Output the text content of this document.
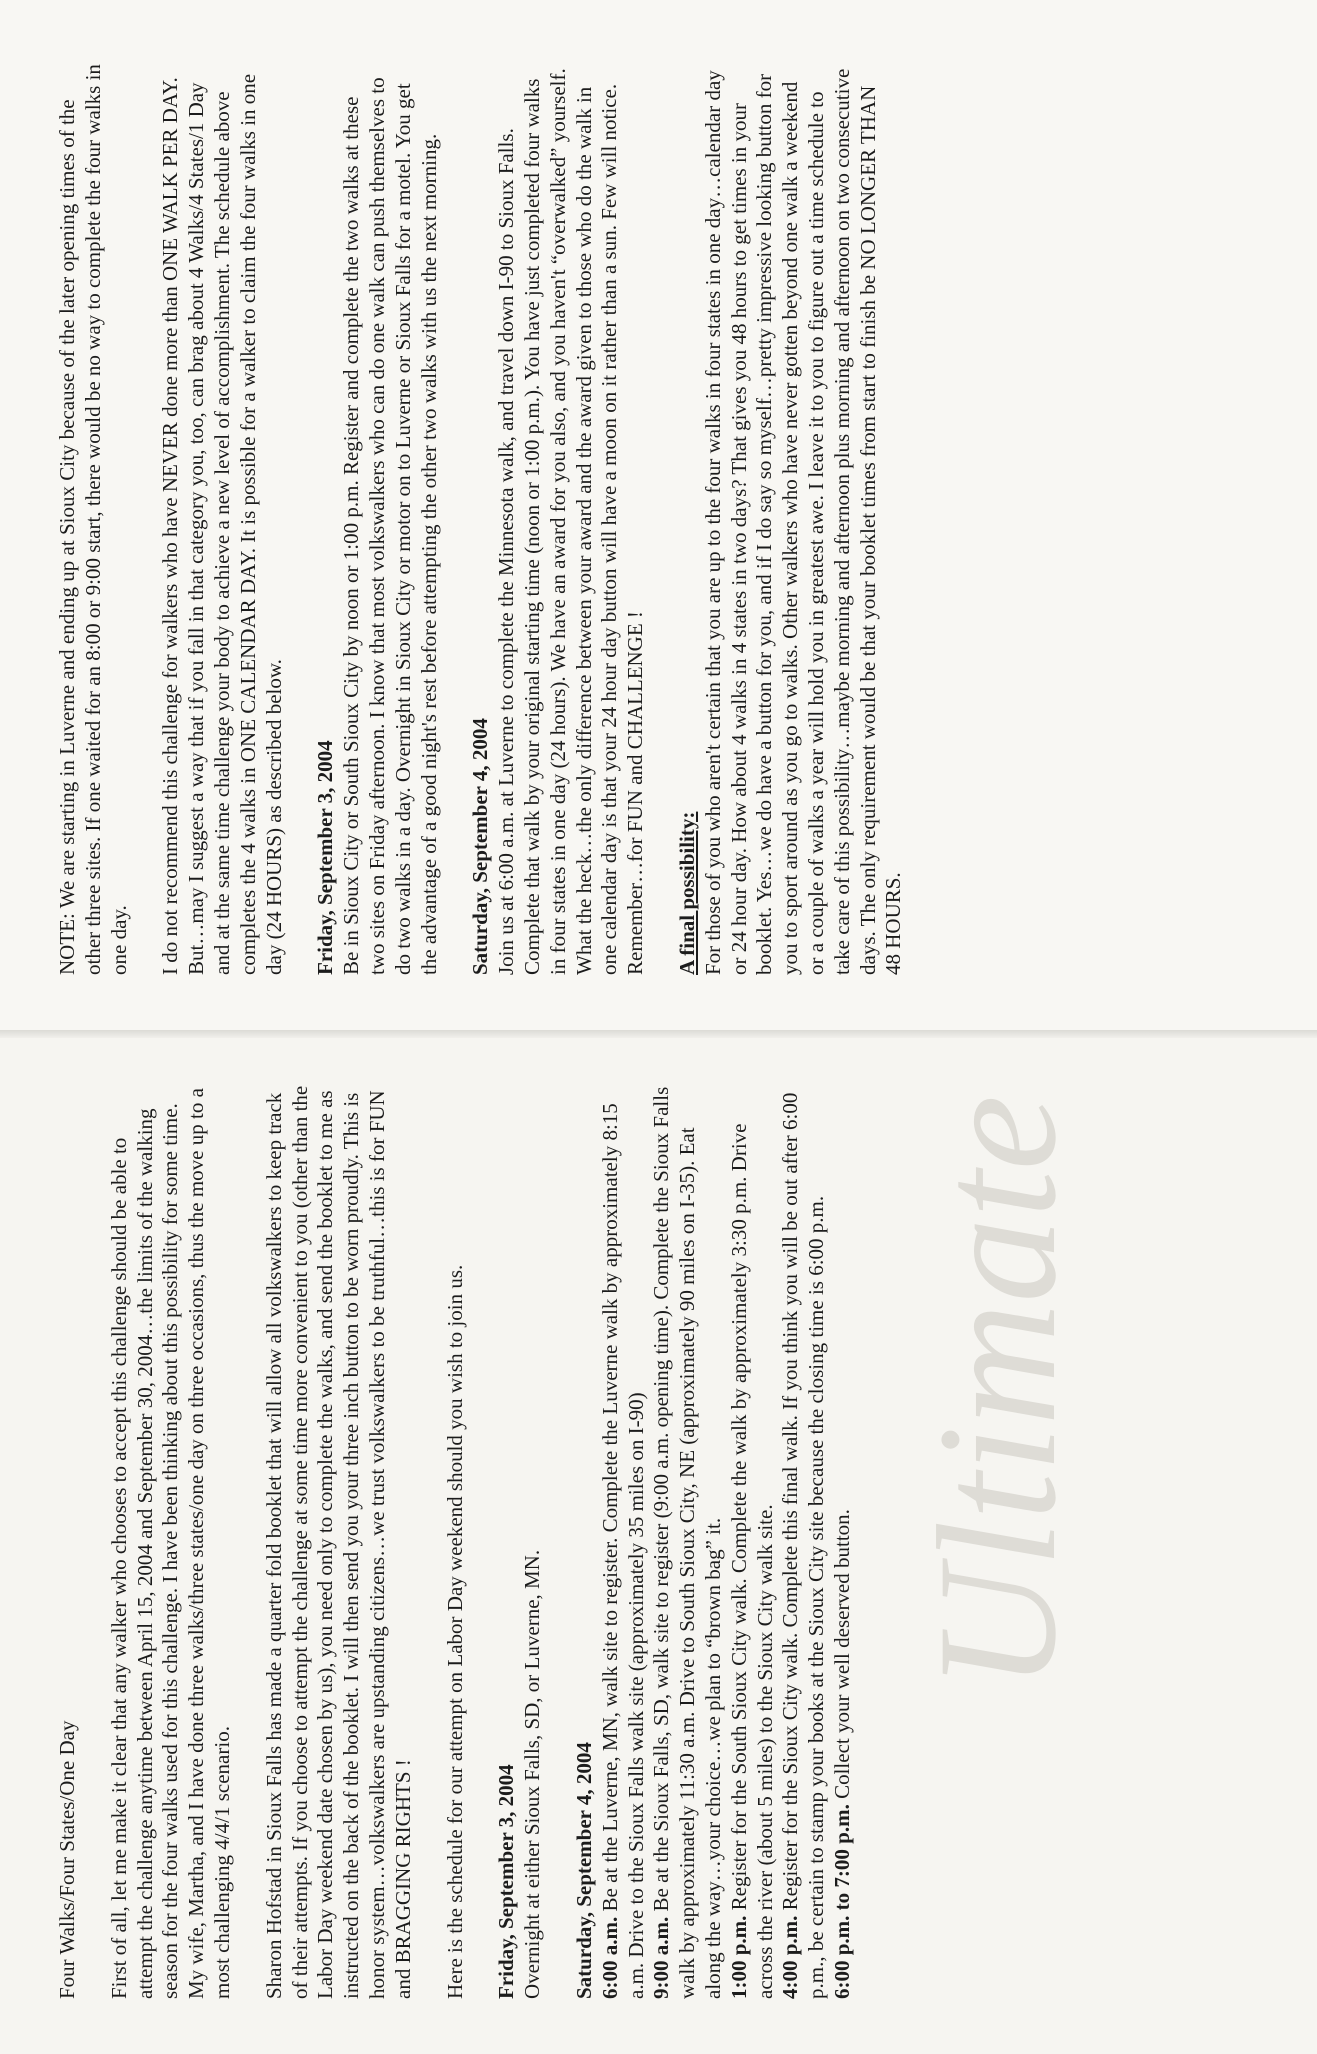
Ultimate

NOTE: We are starting in Luverne and ending up at Sioux City because of the later opening times of the other three sites. If one waited for an 8:00 or 9:00 start, there would be no way to complete the four walks in one day. I do not recommend this challenge for walkers who have NEVER done more than ONE WALK PER DAY. But…may I suggest a way that if you fall in that category you, too, can brag about 4 Walks/4 States/1 Day and at the same time challenge your body to achieve a new level of accomplishment. The schedule above completes the 4 walks in ONE CALENDAR DAY. It is possible for a walker to claim the four walks in one day (24 HOURS) as described below. Friday, September 3, 2004
Be in Sioux City or South Sioux City by noon or 1:00 p.m. Register and complete the two walks at these two sites on Friday afternoon. I know that most volkswalkers who can do one walk can push themselves to do two walks in a day. Overnight in Sioux City or motor on to Luverne or Sioux Falls for a motel. You get the advantage of a good night's rest before attempting the other two walks with us the next morning. Saturday, September 4, 2004
Join us at 6:00 a.m. at Luverne to complete the Minnesota walk, and travel down I-90 to Sioux Falls. Complete that walk by your original starting time (noon or 1:00 p.m.). You have just completed four walks in four states in one day (24 hours). We have an award for you also, and you haven't “overwalked” yourself. What the heck…the only difference between your award and the award given to those who do the walk in one calendar day is that your 24 hour day button will have a moon on it rather than a sun. Few will notice. Remember…for FUN and CHALLENGE ! A final possibility:
For those of you who aren't certain that you are up to the four walks in four states in one day…calendar day or 24 hour day. How about 4 walks in 4 states in two days? That gives you 48 hours to get times in your booklet. Yes…we do have a button for you, and if I do say so myself…pretty impressive looking button for you to sport around as you go to walks. Other walkers who have never gotten beyond one walk a weekend or a couple of walks a year will hold you in greatest awe. I leave it to you to figure out a time schedule to take care of this possibility…maybe morning and afternoon plus morning and afternoon on two consecutive days. The only requirement would be that your booklet times from start to finish be NO LONGER THAN 48 HOURS.

Four Walks/Four States/One Day First of all, let me make it clear that any walker who chooses to accept this challenge should be able to attempt the challenge anytime between April 15, 2004 and September 30, 2004…the limits of the walking season for the four walks used for this challenge. I have been thinking about this possibility for some time. My wife, Martha, and I have done three walks/three states/one day on three occasions, thus the move up to a most challenging 4/4/1 scenario. Sharon Hofstad in Sioux Falls has made a quarter fold booklet that will allow all volkswalkers to keep track of their attempts. If you choose to attempt the challenge at some time more convenient to you (other than the Labor Day weekend date chosen by us), you need only to complete the walks, and send the booklet to me as instructed on the back of the booklet. I will then send you your three inch button to be worn proudly. This is honor system…volkswalkers are upstanding citizens…we trust volkswalkers to be truthful…this is for FUN and BRAGGING RIGHTS ! Here is the schedule for our attempt on Labor Day weekend should you wish to join us. Friday, September 3, 2004
Overnight at either Sioux Falls, SD, or Luverne, MN. Saturday, September 4, 2004 6:00 a.m. Be at the Luverne, MN, walk site to register. Complete the Luverne walk by approximately 8:15 a.m. Drive to the Sioux Falls walk site (approximately 35 miles on I-90) 9:00 a.m. Be at the Sioux Falls, SD, walk site to register (9:00 a.m. opening time). Complete the Sioux Falls walk by approximately 11:30 a.m. Drive to South Sioux City, NE (approximately 90 miles on I-35). Eat along the way…your choice…we plan to “brown bag” it. 1:00 p.m. Register for the South Sioux City walk. Complete the walk by approximately 3:30 p.m. Drive across the river (about 5 miles) to the Sioux City walk site. 4:00 p.m. Register for the Sioux City walk. Complete this final walk. If you think you will be out after 6:00 p.m., be certain to stamp your books at the Sioux City site because the closing time is 6:00 p.m. 6:00 p.m. to 7:00 p.m. Collect your well deserved button.
